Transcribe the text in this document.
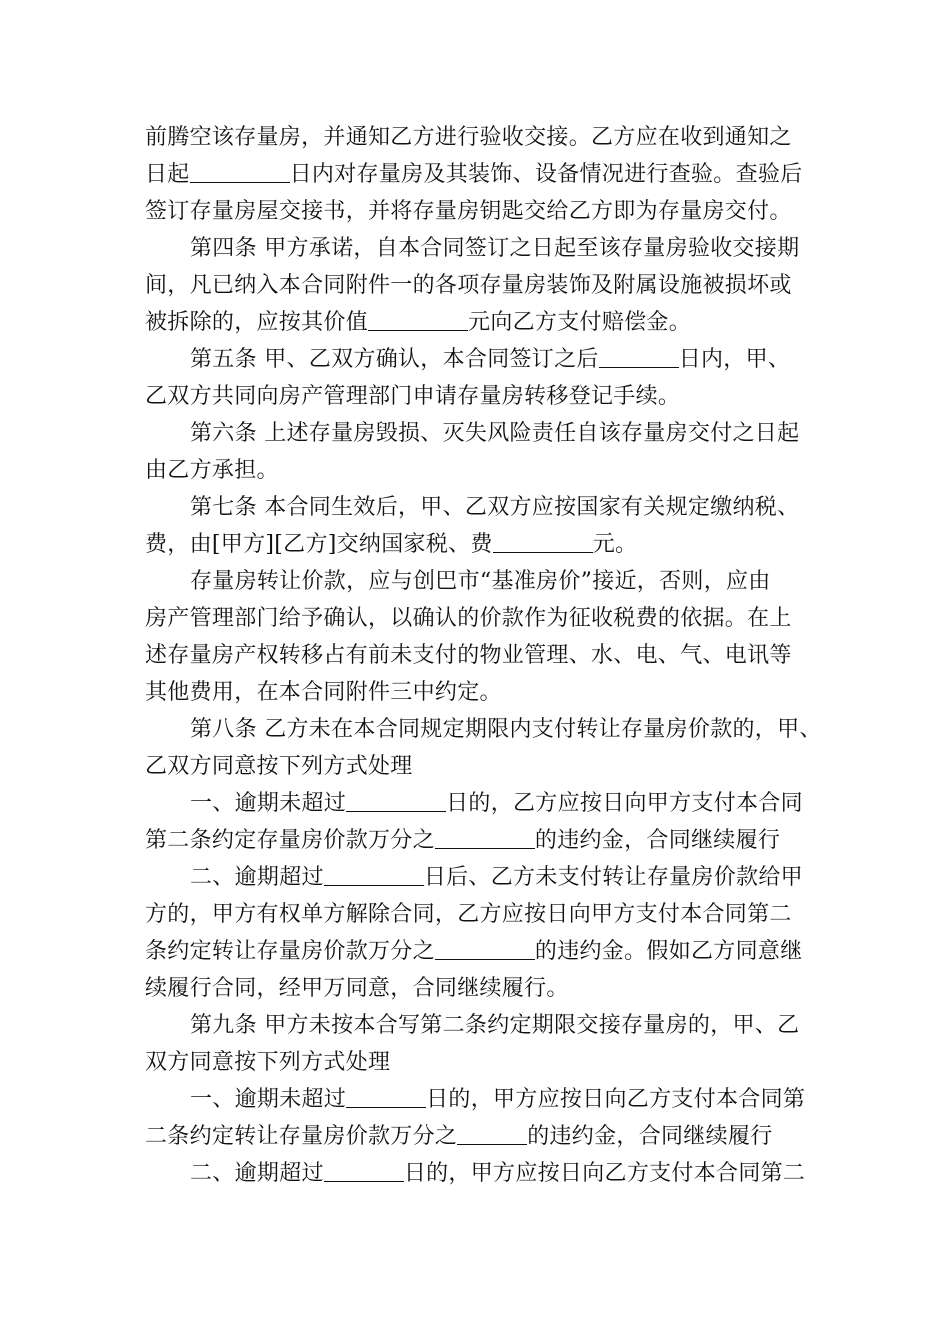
前腾空该存量房，并通知乙方进行验收交接。乙方应在收到通知之
日起	日内对存量房及其装饰、设备情况进行查验。查验后
签订存量房屋交接书，并将存量房钥匙交给乙方即为存量房交付。
第四条 甲方承诺，自本合同签订之日起至该存量房验收交接期
间，凡已纳入本合同附件一的各项存量房装饰及附属设施被损坏或
被拆除的，应按其价值	元向乙方支付赔偿金。
第五条 甲、乙双方确认，本合同签订之后	日内，甲、
乙双方共同向房产管理部门申请存量房转移登记手续。
第六条 上述存量房毁损、灭失风险责任自该存量房交付之日起
由乙方承担。
第七条 本合同生效后，甲、乙双方应按国家有关规定缴纳税、
费，由[甲方][乙方]交纳国家税、费	元。
存量房转让价款，应与创巴市“基准房价”接近，否则，应由
房产管理部门给予确认，以确认的价款作为征收税费的依据。在上
述存量房产权转移占有前未支付的物业管理、水、电、气、电讯等
其他费用，在本合同附件三中约定。
第八条 乙方未在本合同规定期限内支付转让存量房价款的，甲、
乙双方同意按下列方式处理
一、逾期未超过	日的，乙方应按日向甲方支付本合同
第二条约定存量房价款万分之	的违约金，合同继续履行
二、逾期超过	日后、乙方未支付转让存量房价款给甲
方的，甲方有权单方解除合同，乙方应按日向甲方支付本合同第二
条约定转让存量房价款万分之	的违约金。假如乙方同意继
续履行合同，经甲万同意，合同继续履行。
第九条 甲方未按本合写第二条约定期限交接存量房的，甲、乙
双方同意按下列方式处理
一、逾期未超过	日的，甲方应按日向乙方支付本合同第
二条约定转让存量房价款万分之	的违约金，合同继续履行
二、逾期超过	日的，甲方应按日向乙方支付本合同第二
